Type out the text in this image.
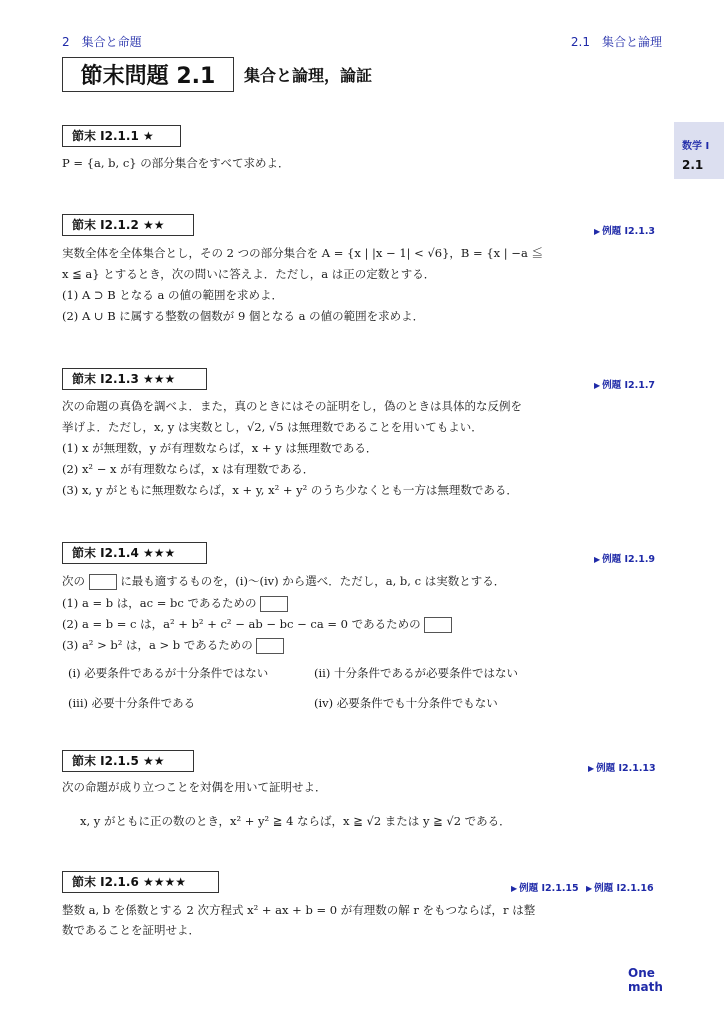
2　集合と命題	2.1　集合と論理
節末問題 2.1	集合と論理，論証
数学 I
2.1
節末 I2.1.1 ★
P = {a, b, c} の部分集合をすべて求めよ．
節末 I2.1.2 ★★	▶ 例題 I2.1.3
実数全体を全体集合とし，その 2 つの部分集合を A = {x | |x − 1| < √6}，B = {x | −a ≦
x ≦ a} とするとき，次の問いに答えよ．ただし，a は正の定数とする．
(1) A ⊃ B となる a の値の範囲を求めよ．
(2) A ∪ B に属する整数の個数が 9 個となる a の値の範囲を求めよ．
節末 I2.1.3 ★★★	▶ 例題 I2.1.7
次の命題の真偽を調べよ．また，真のときにはその証明をし，偽のときは具体的な反例を
挙げよ．ただし，x, y は実数とし，√2, √5 は無理数であることを用いてもよい．
(1) x が無理数，y が有理数ならば，x + y は無理数である．
(2) x² − x が有理数ならば，x は有理数である．
(3) x, y がともに無理数ならば，x + y, x² + y² のうち少なくとも一方は無理数である．
節末 I2.1.4 ★★★	▶ 例題 I2.1.9
次の	に最も適するものを，(i)〜(iv) から選べ．ただし，a, b, c は実数とする．
(1) a = b は，ac = bc であるための
(2) a = b = c は，a² + b² + c² − ab − bc − ca = 0 であるための
(3) a² > b² は，a > b であるための
(i) 必要条件であるが十分条件ではない	(ii) 十分条件であるが必要条件ではない
(iii) 必要十分条件である	(iv) 必要条件でも十分条件でもない
節末 I2.1.5 ★★
▶ 例題 I2.1.13
次の命題が成り立つことを対偶を用いて証明せよ．
x, y がともに正の数のとき，x² + y² ≧ 4 ならば，x ≧ √2 または y ≧ √2 である．
節末 I2.1.6 ★★★★	▶ 例題 I2.1.15 ▶ 例題 I2.1.16
整数 a, b を係数とする 2 次方程式 x² + ax + b = 0 が有理数の解 r をもつならば，r は整
数であることを証明せよ．
One
math
